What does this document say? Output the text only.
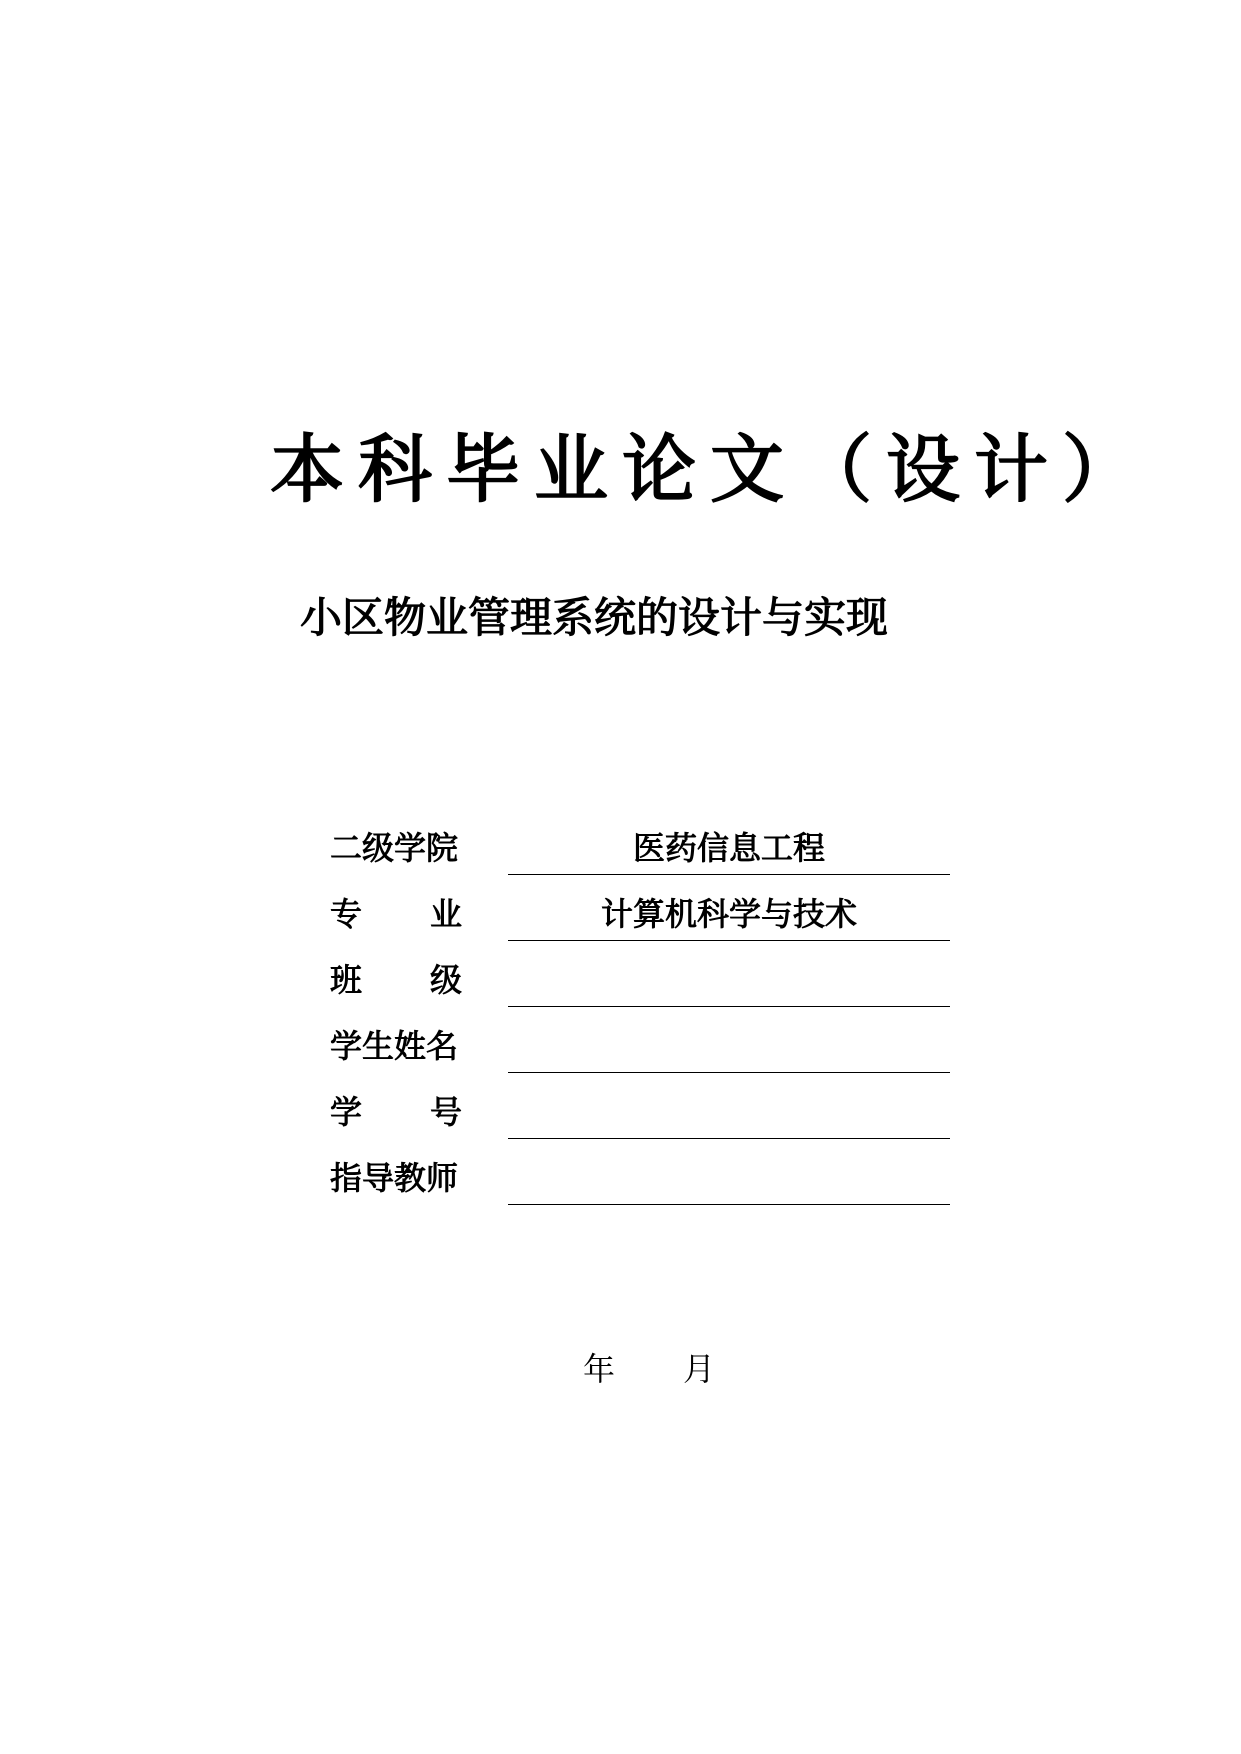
本科毕业论文（设计）
小区物业管理系统的设计与实现
二级学院	医药信息工程
专 业	计算机科学与技术
班 级
学生姓名
学 号
指导教师
年 月
